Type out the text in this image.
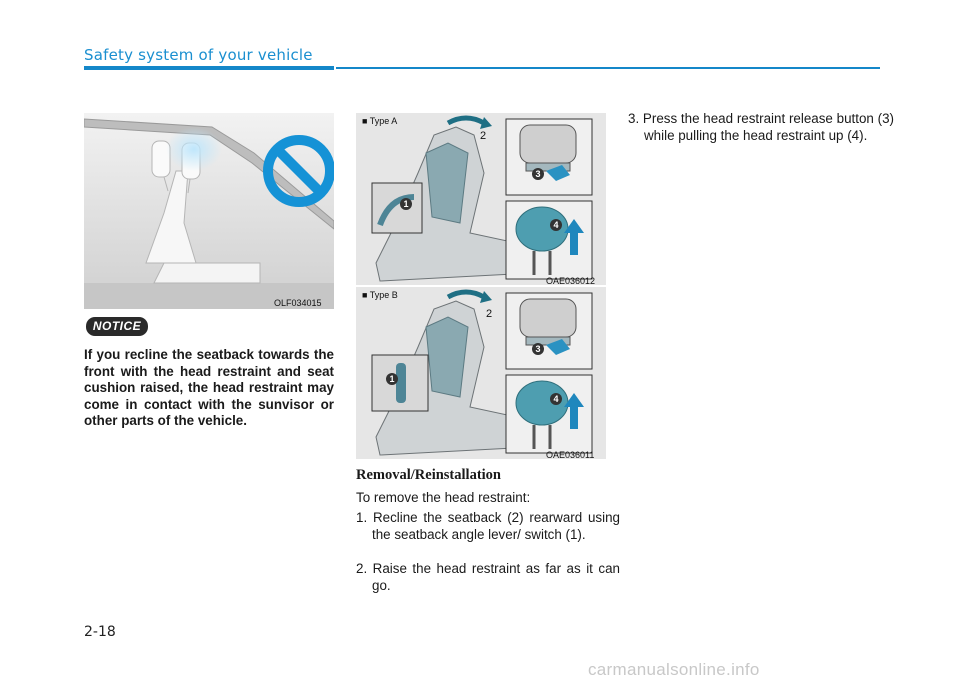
Safety system of your vehicle
OLF034015
■ Type A
2
1
3
4
OAE036012
■ Type B
2
1
3
4
OAE036011
NOTICE

If you recline the seatback towards the front with the head restraint and seat cushion raised, the head restraint may come in contact with the sunvisor or other parts of the vehicle.

Removal/Reinstallation

To remove the head restraint:

1. Recline the seatback (2) rearward using the seatback angle lever/ switch (1).

2. Raise the head restraint as far as it can go.

3. Press the head restraint release button (3) while pulling the head restraint up (4).

2-18
carmanualsonline.info
